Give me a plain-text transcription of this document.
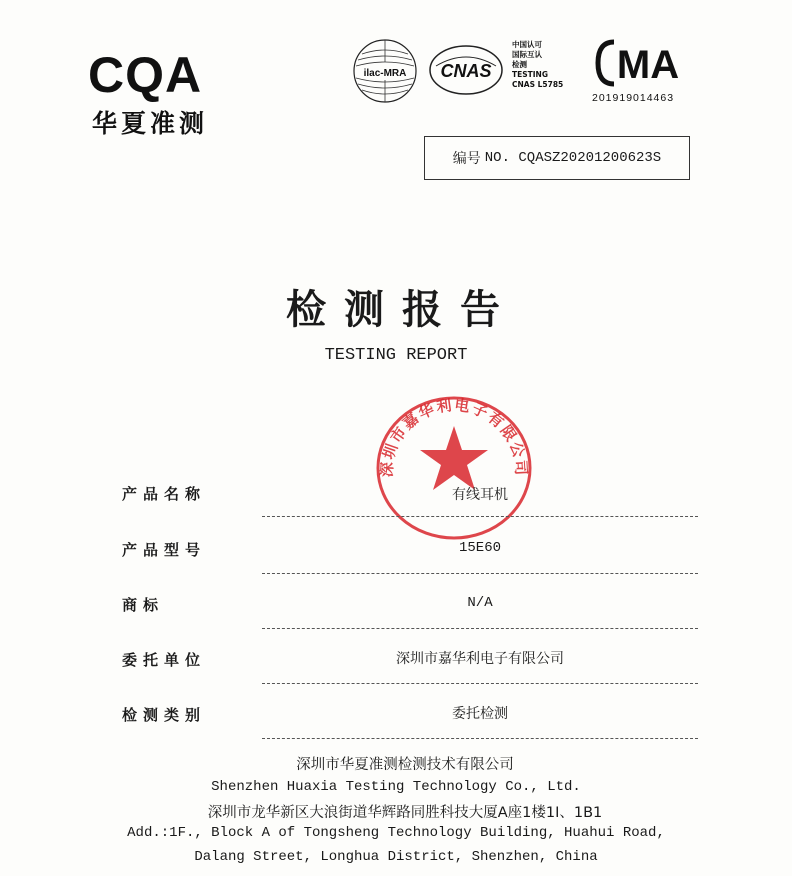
CQA
华夏准测
ilac-MRA CNAS
中国认可
国际互认
检测
TESTING
CNAS L5785	MA
201919014463
编号 NO. CQASZ20201200623S
检测报告
TESTING REPORT
深圳市嘉华利电子有限公司
产品名称	有线耳机
产品型号	15E60
商标	N/A
委托单位	深圳市嘉华利电子有限公司
检测类别	委托检测
深圳市华夏准测检测技术有限公司
Shenzhen Huaxia Testing Technology Co., Ltd.
深圳市龙华新区大浪街道华辉路同胜科技大厦A座1楼1I、1B1
Add.:1F., Block A of Tongsheng Technology Building, Huahui Road,
Dalang Street, Longhua District, Shenzhen, China
